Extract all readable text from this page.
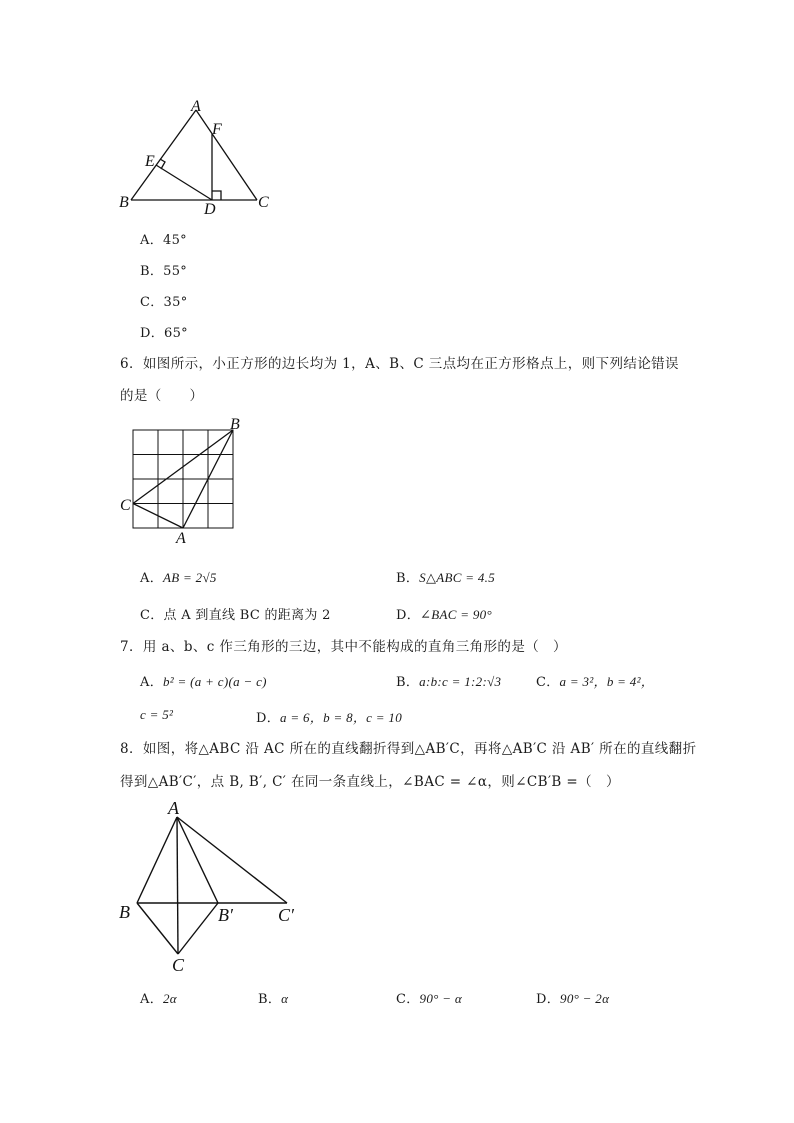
A
F
E
B	D	C
A．45°
B．55°
C．35°
D．65°
6．如图所示，小正方形的边长均为 1，A、B、C 三点均在正方形格点上，则下列结论错误
的是（　　）
B
C
A
A．AB = 2√5	B．S△ABC = 4.5
C．点 A 到直线 BC 的距离为 2	D．∠BAC = 90°
7．用 a、b、c 作三角形的三边，其中不能构成的直角三角形的是（　）
A．b² = (a + c)(a − c)	B．a:b:c = 1:2:√3	C．a = 3²，b = 4²，
c = 5²	D．a = 6，b = 8，c = 10
8．如图，将△ABC 沿 AC 所在的直线翻折得到△AB′C，再将△AB′C 沿 AB′ 所在的直线翻折
得到△AB′C′，点 B, B′, C′ 在同一条直线上，∠BAC = ∠α，则∠CB′B =（　）
A
B	B′	C′
C
A．2α	B．α	C．90° − α	D．90° − 2α
